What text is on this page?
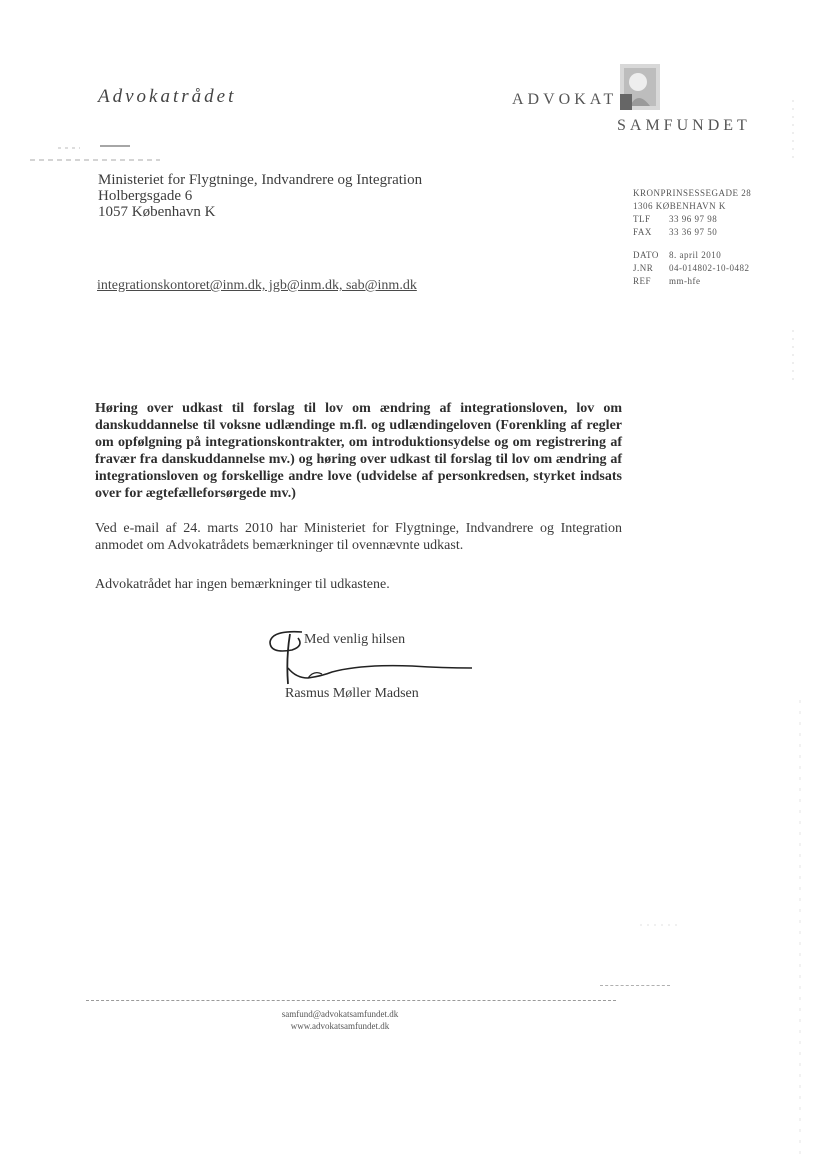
Advokatrådet	ADVOKAT
SAMFUNDET
Ministeriet for Flygtninge, Indvandrere og Integration
Holbergsgade 6
1057 København K
integrationskontoret@inm.dk, jgb@inm.dk, sab@inm.dk
KRONPRINSESSEGADE 28
1306 KØBENHAVN K
TLF	33 96 97 98
FAX	33 36 97 50
DATO	8. april 2010
J.NR	04-014802-10-0482
REF	mm-hfe
Høring over udkast til forslag til lov om ændring af integrationsloven, lov om danskuddannelse til voksne udlændinge m.fl. og udlændingeloven (Forenkling af regler om opfølgning på integrationskontrakter, om introduktionsydelse og om registrering af fravær fra danskuddannelse mv.) og høring over udkast til forslag til lov om ændring af integrationsloven og forskellige andre love (udvidelse af personkredsen, styrket indsats over for ægtefælleforsørgede mv.)
Ved e-mail af 24. marts 2010 har Ministeriet for Flygtninge, Indvandrere og Integration anmodet om Advokatrådets bemærkninger til ovennævnte udkast.
Advokatrådet har ingen bemærkninger til udkastene.
Med venlig hilsen
Rasmus Møller Madsen
samfund@advokatsamfundet.dk
www.advokatsamfundet.dk
